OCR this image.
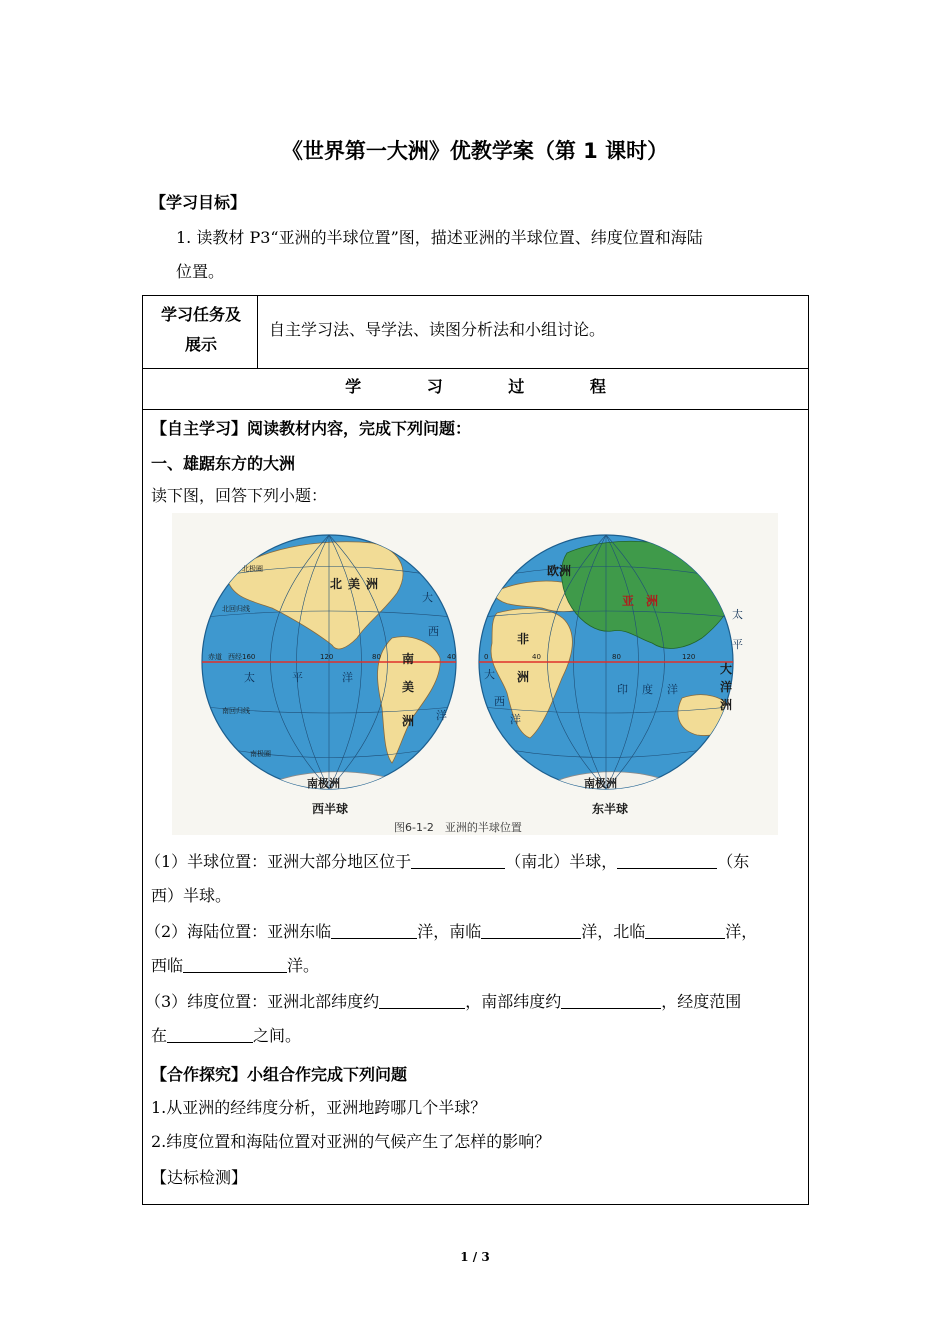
《世界第一大洲》优教学案（第 1 课时）
【学习目标】
1. 读教材 P3“亚洲的半球位置”图，描述亚洲的半球位置、纬度位置和海陆
位置。
学习任务及
展示
自主学习法、导学法、读图分析法和小组讨论。
学	习	过	程
【自主学习】阅读教材内容，完成下列问题：
一、雄踞东方的大洲
读下图，回答下列小题：
（1）半球位置：亚洲大部分地区位于	（南北）半球，	（东
西）半球。
（2）海陆位置：亚洲东临	洋，南临	洋，北临	洋，
西临	洋。
（3）纬度位置：亚洲北部纬度约	，南部纬度约	，经度范围
在	之间。
【合作探究】小组合作完成下列问题
1.从亚洲的经纬度分析，亚洲地跨哪几个半球？
2.纬度位置和海陆位置对亚洲的气候产生了怎样的影响？
【达标检测】
北 美 洲
南
美
洲
南极洲
太	平	洋
大
西
洋
赤道 西经160	120	80	40
北回归线
南回归线
南极圈
北极圈	欧洲
亚　洲
非
洲
大
洋
洲
南极洲
大
西
洋
印 度 洋
太
平
0	40	80	120
西半球	东半球
图6-1-2　亚洲的半球位置
1 / 3
